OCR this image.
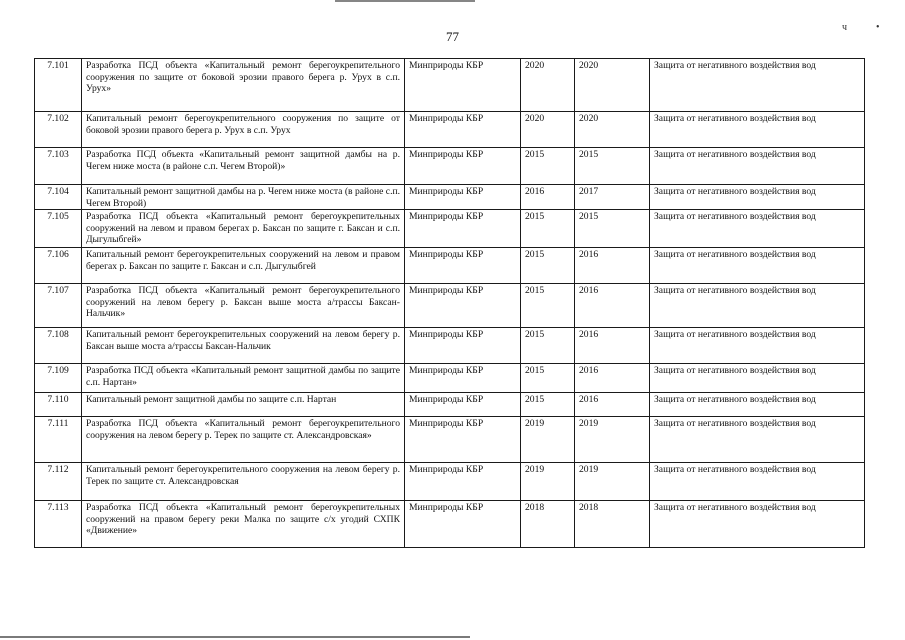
77
ч	•
7.101	Разработка ПСД объекта «Капитальный ремонт берегоукрепительного сооружения по защите от боковой эрозии правого берега р. Урух в с.п. Урух»	Минприроды КБР	2020	2020	Защита от негативного воздействия вод
7.102	Капитальный ремонт берегоукрепительного сооружения по защите от боковой эрозии правого берега р. Урух в с.п. Урух	Минприроды КБР	2020	2020	Защита от негативного воздействия вод
7.103	Разработка ПСД объекта «Капитальный ремонт защитной дамбы на р. Чегем ниже моста (в районе с.п. Чегем Второй)»	Минприроды КБР	2015	2015	Защита от негативного воздействия вод
7.104	Капитальный ремонт защитной дамбы на р. Чегем ниже моста (в районе с.п. Чегем Второй)	Минприроды КБР	2016	2017	Защита от негативного воздействия вод
7.105	Разработка ПСД объекта «Капитальный ремонт берегоукрепительных сооружений на левом и правом берегах р. Баксан по защите г. Баксан и с.п. Дыгулыбгей»	Минприроды КБР	2015	2015	Защита от негативного воздействия вод
7.106	Капитальный ремонт берегоукрепительных сооружений на левом и правом берегах р. Баксан по защите г. Баксан и с.п. Дыгулыбгей	Минприроды КБР	2015	2016	Защита от негативного воздействия вод
7.107	Разработка ПСД объекта «Капитальный ремонт берегоукрепительного сооружений на левом берегу р. Баксан выше моста а/трассы Баксан-Нальчик»	Минприроды КБР	2015	2016	Защита от негативного воздействия вод
7.108	Капитальный ремонт берегоукрепительных сооружений на левом берегу р. Баксан выше моста а/трассы Баксан-Нальчик	Минприроды КБР	2015	2016	Защита от негативного воздействия вод
7.109	Разработка ПСД объекта «Капитальный ремонт защитной дамбы по защите с.п. Нартан»	Минприроды КБР	2015	2016	Защита от негативного воздействия вод
7.110	Капитальный ремонт защитной дамбы по защите с.п. Нартан	Минприроды КБР	2015	2016	Защита от негативного воздействия вод
7.111	Разработка ПСД объекта «Капитальный ремонт берегоукрепительного сооружения на левом берегу р. Терек по защите ст. Александровская»	Минприроды КБР	2019	2019	Защита от негативного воздействия вод
7.112	Капитальный ремонт берегоукрепительного сооружения на левом берегу р. Терек по защите ст. Александровская	Минприроды КБР	2019	2019	Защита от негативного воздействия вод
7.113	Разработка ПСД объекта «Капитальный ремонт берегоукрепительных сооружений на правом берегу реки Малка по защите с/х угодий СХПК «Движение»	Минприроды КБР	2018	2018	Защита от негативного воздействия вод
